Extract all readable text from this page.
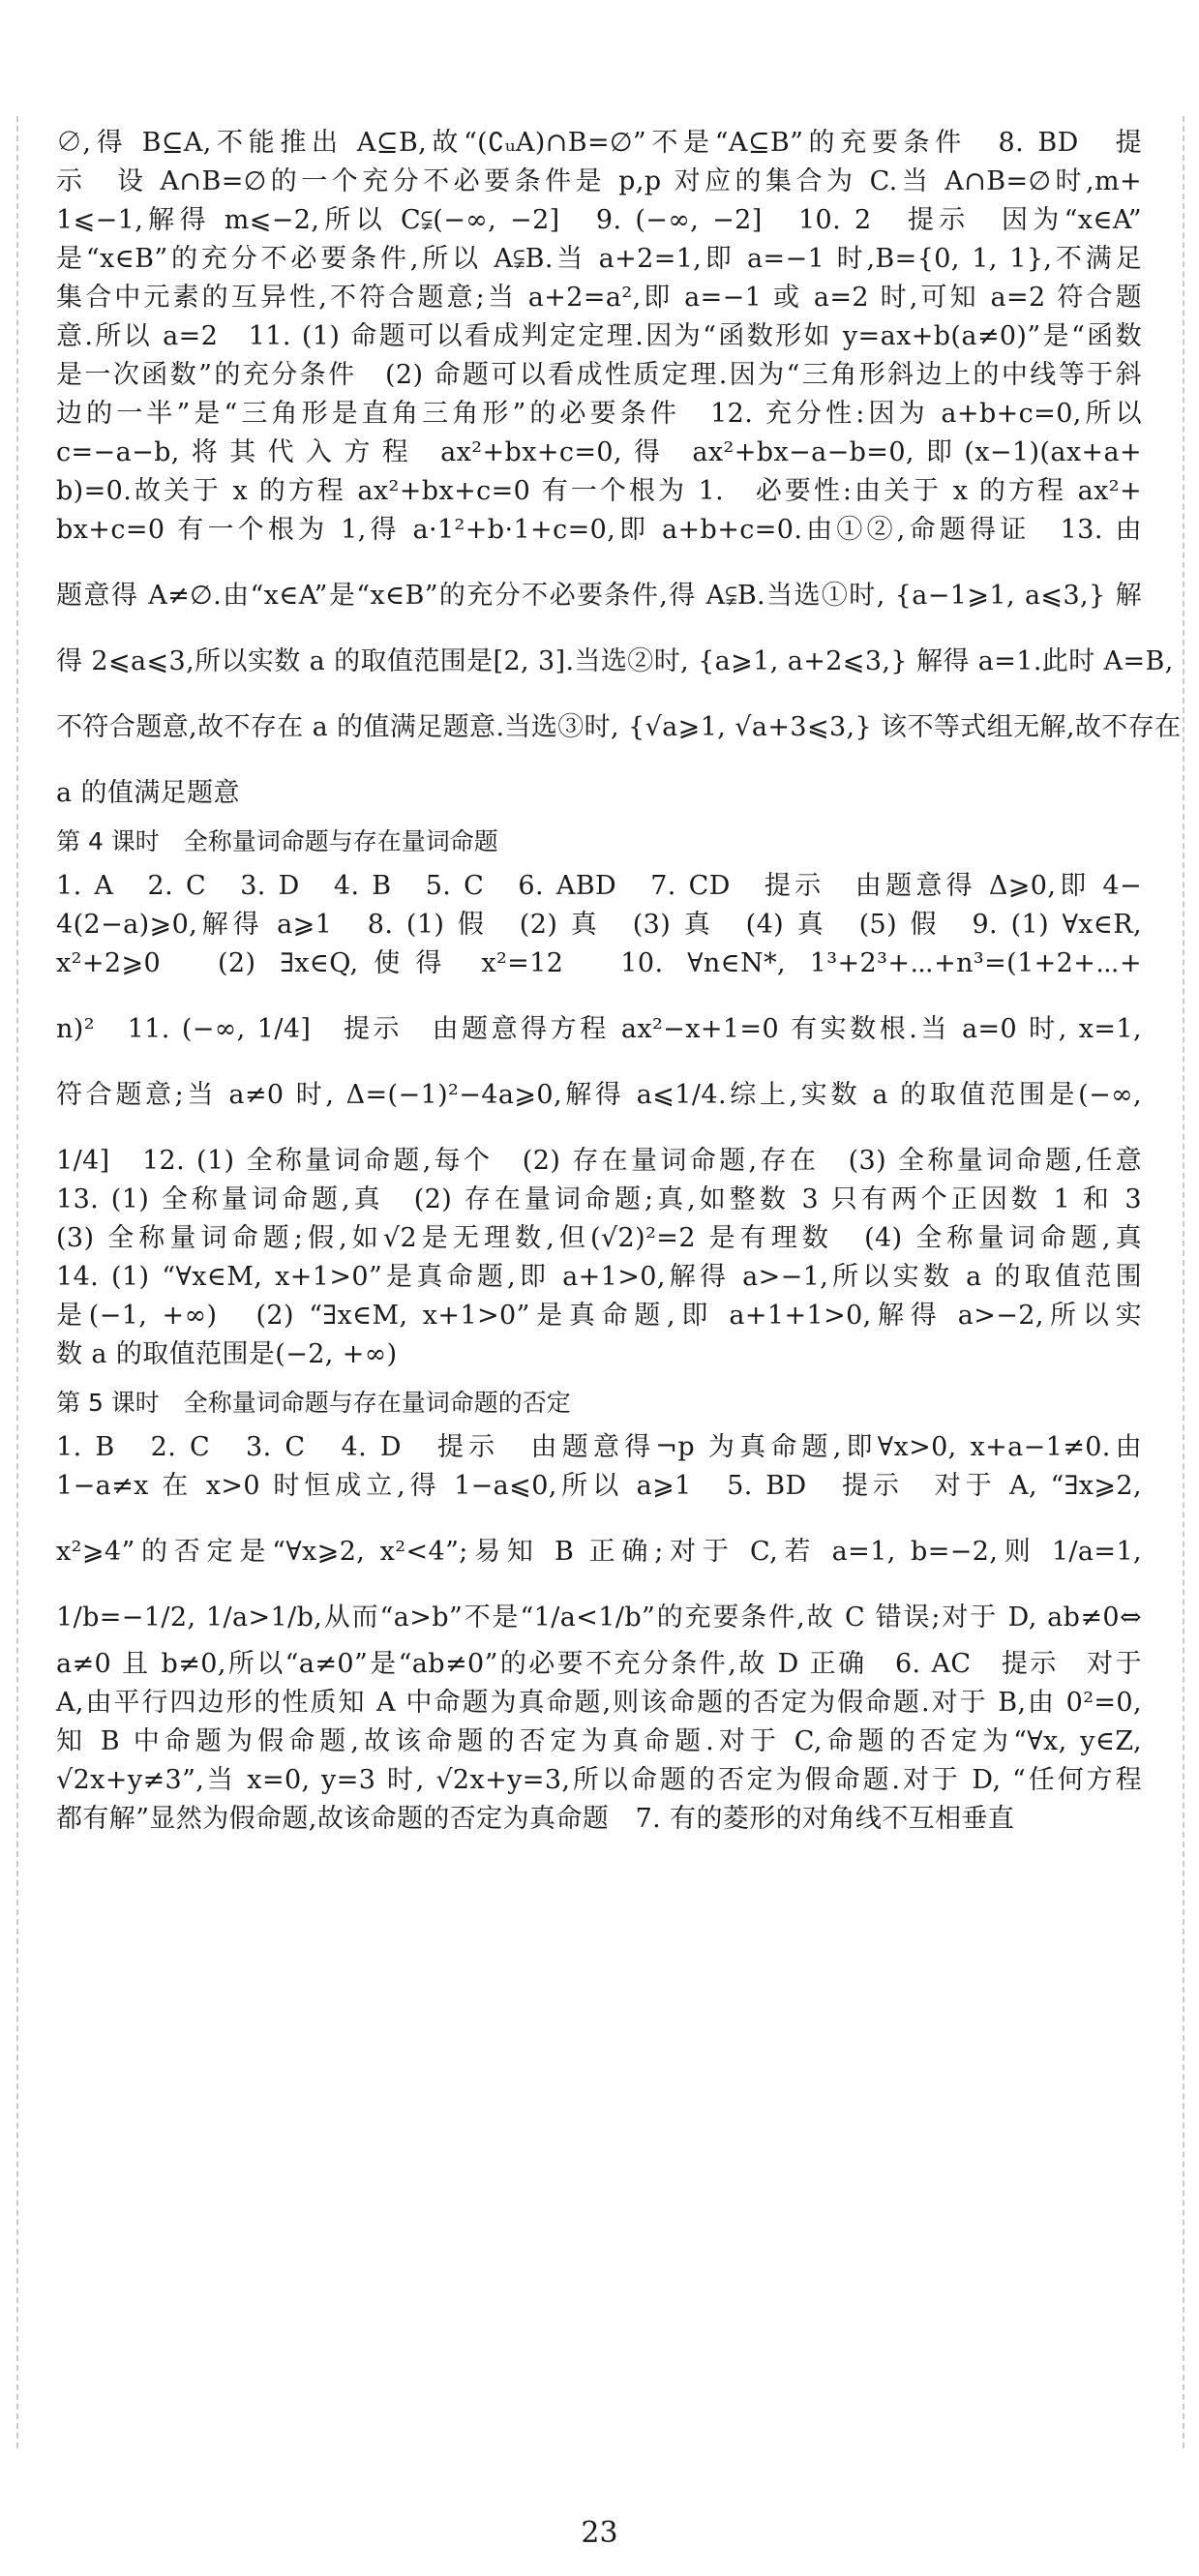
∅,得 B⊆A,不能推出 A⊆B,故“(∁ᵤA)∩B=∅”不是“A⊆B”的充要条件　8. BD　提

示　设 A∩B=∅的一个充分不必要条件是 p,p 对应的集合为 C.当 A∩B=∅时,m+

1⩽−1,解得 m⩽−2,所以 C⫋(−∞, −2]　9. (−∞, −2]　10. 2　提示　因为“x∈A”

是“x∈B”的充分不必要条件,所以 A⫋B.当 a+2=1,即 a=−1 时,B={0, 1, 1},不满足

集合中元素的互异性,不符合题意;当 a+2=a²,即 a=−1 或 a=2 时,可知 a=2 符合题

意.所以 a=2　11. (1) 命题可以看成判定定理.因为“函数形如 y=ax+b(a≠0)”是“函数

是一次函数”的充分条件　(2) 命题可以看成性质定理.因为“三角形斜边上的中线等于斜

边的一半”是“三角形是直角三角形”的必要条件　12. 充分性:因为 a+b+c=0,所以

c=−a−b,将其代入方程 ax²+bx+c=0,得 ax²+bx−a−b=0,即(x−1)(ax+a+

b)=0.故关于 x 的方程 ax²+bx+c=0 有一个根为 1.　必要性:由关于 x 的方程 ax²+

bx+c=0 有一个根为 1,得 a·1²+b·1+c=0,即 a+b+c=0.由①②,命题得证　13. 由

题意得 A≠∅.由“x∈A”是“x∈B”的充分不必要条件,得 A⫋B.当选①时, {a−1⩾1, a⩽3,} 解

得 2⩽a⩽3,所以实数 a 的取值范围是[2, 3].当选②时, {a⩾1, a+2⩽3,} 解得 a=1.此时 A=B,

不符合题意,故不存在 a 的值满足题意.当选③时, {√a⩾1, √a+3⩽3,} 该不等式组无解,故不存在

a 的值满足题意

第 4 课时　全称量词命题与存在量词命题

1. A　2. C　3. D　4. B　5. C　6. ABD　7. CD　提示　由题意得 Δ⩾0,即 4−

4(2−a)⩾0,解得 a⩾1　8. (1) 假　(2) 真　(3) 真　(4) 真　(5) 假　9. (1) ∀x∈R,

x²+2⩾0　(2) ∃x∈Q,使得 x²=12　10. ∀n∈N*, 1³+2³+⋯+n³=(1+2+⋯+

n)²　11. (−∞, 1/4]　提示　由题意得方程 ax²−x+1=0 有实数根.当 a=0 时, x=1,

符合题意;当 a≠0 时, Δ=(−1)²−4a⩾0,解得 a⩽1/4.综上,实数 a 的取值范围是(−∞,

1/4]　12. (1) 全称量词命题,每个　(2) 存在量词命题,存在　(3) 全称量词命题,任意

13. (1) 全称量词命题,真　(2) 存在量词命题;真,如整数 3 只有两个正因数 1 和 3

(3) 全称量词命题;假,如√2是无理数,但(√2)²=2 是有理数　(4) 全称量词命题,真

14. (1) “∀x∈M, x+1>0”是真命题,即 a+1>0,解得 a>−1,所以实数 a 的取值范围

是(−1, +∞)　(2) “∃x∈M, x+1>0”是真命题,即 a+1+1>0,解得 a>−2,所以实

数 a 的取值范围是(−2, +∞)

第 5 课时　全称量词命题与存在量词命题的否定

1. B　2. C　3. C　4. D　提示　由题意得¬p 为真命题,即∀x>0, x+a−1≠0.由

1−a≠x 在 x>0 时恒成立,得 1−a⩽0,所以 a⩾1　5. BD　提示　对于 A, “∃x⩾2,

x²⩾4”的否定是“∀x⩾2, x²<4”;易知 B 正确;对于 C,若 a=1, b=−2,则 1/a=1,

1/b=−1/2, 1/a>1/b,从而“a>b”不是“1/a<1/b”的充要条件,故 C 错误;对于 D, ab≠0⇔

a≠0 且 b≠0,所以“a≠0”是“ab≠0”的必要不充分条件,故 D 正确　6. AC　提示　对于

A,由平行四边形的性质知 A 中命题为真命题,则该命题的否定为假命题.对于 B,由 0²=0,

知 B 中命题为假命题,故该命题的否定为真命题.对于 C,命题的否定为“∀x, y∈Z,

√2x+y≠3”,当 x=0, y=3 时, √2x+y=3,所以命题的否定为假命题.对于 D, “任何方程

都有解”显然为假命题,故该命题的否定为真命题　7. 有的菱形的对角线不互相垂直

23
